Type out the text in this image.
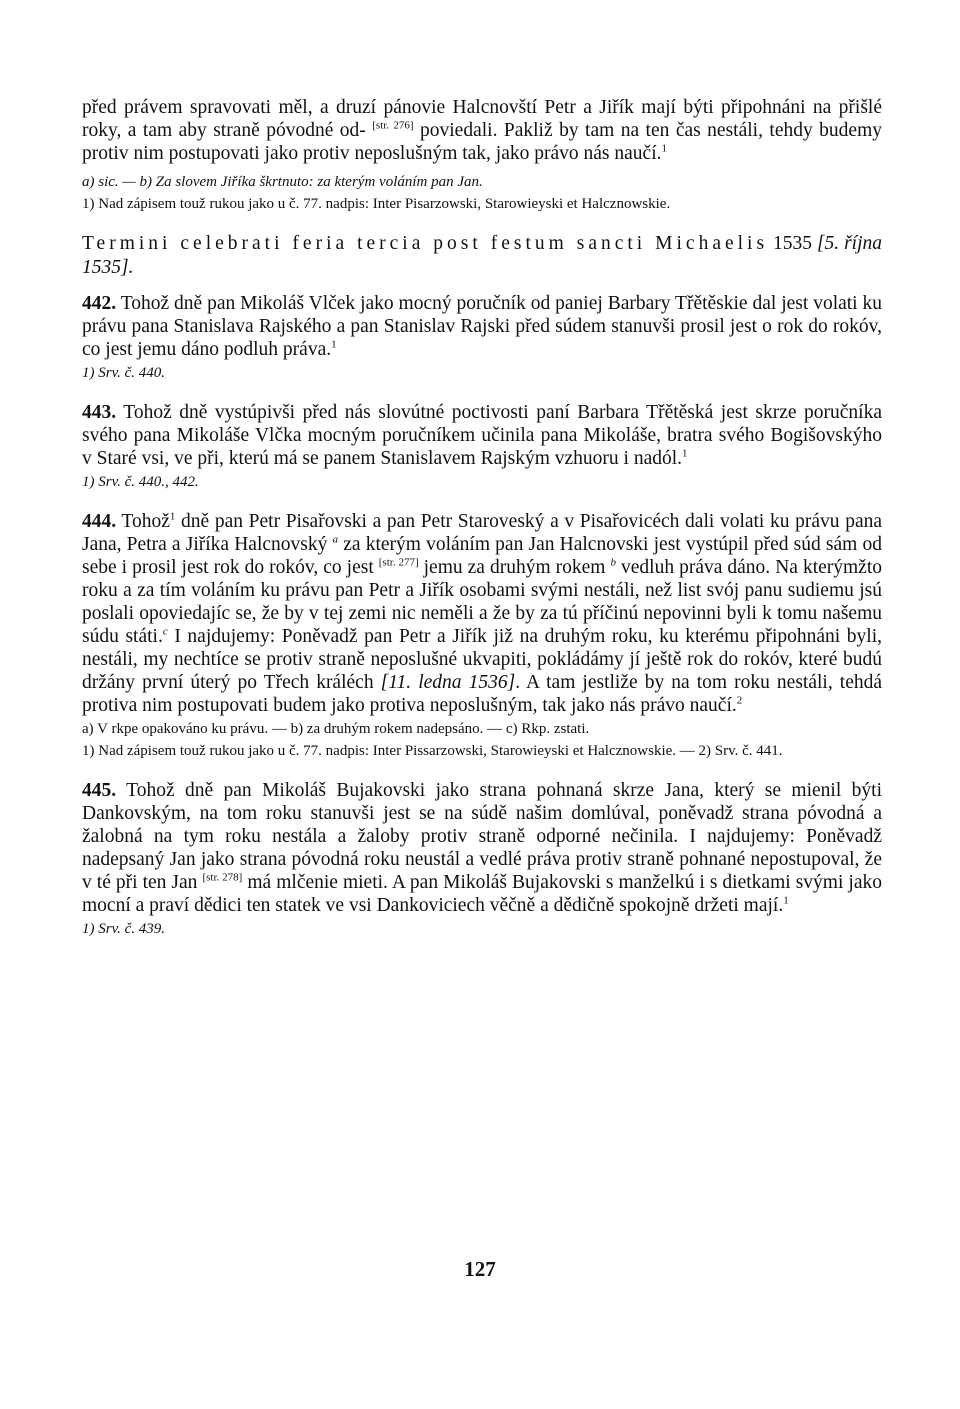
před právem spravovati měl, a druzí pánovie Halcnovští Petr a Jiřík mají býti připohnáni na přišlé roky, a tam aby straně póvodné od- [str. 276] poviedali. Pakliž by tam na ten čas nestáli, tehdy budemy protiv nim postupovati jako protiv neposlušným tak, jako právo nás naučí.$^1$

a) sic. — b) Za slovem Jiříka škrtnuto: za kterým voláním pan Jan.

1) Nad zápisem touž rukou jako u č. 77. nadpis: Inter Pisarzowski, Starowieyski et Halcznowskie.

Termini celebrati feria tercia post festum sancti Michaelis 1535 [5. října 1535].

442. Tohož dně pan Mikoláš Vlček jako mocný poručník od paniej Barbary Třětěskie dal jest volati ku právu pana Stanislava Rajského a pan Stanislav Rajski před súdem stanuvši prosil jest o rok do rokóv, co jest jemu dáno podluh práva.$^1$

1) Srv. č. 440.

443. Tohož dně vystúpivši před nás slovútné poctivosti paní Barbara Třětěská jest skrze poručníka svého pana Mikoláše Vlčka mocným poručníkem učinila pana Mikoláše, bratra svého Bogišovskýho v Staré vsi, ve při, kterú má se panem Stanislavem Rajským vzhuoru i nadól.$^1$

1) Srv. č. 440., 442.

444. Tohož$^1$ dně pan Petr Pisařovski a pan Petr Staroveský a v Pisařovicéch dali volati ku právu pana Jana, Petra a Jiříka Halcnovský $^a$ za kterým voláním pan Jan Halcnovski jest vystúpil před súd sám od sebe i prosil jest rok do rokóv, co jest [str. 277] jemu za druhým rokem $^b$ vedluh práva dáno. Na kterýmžto roku a za tím voláním ku právu pan Petr a Jiřík osobami svými nestáli, než list svój panu sudiemu jsú poslali opoviedajíc se, že by v tej zemi nic neměli a že by za tú příčinú nepovinni byli k tomu našemu súdu státi.$^c$ I najdujemy: Poněvadž pan Petr a Jiřík již na druhým roku, ku kterému připohnáni byli, nestáli, my nechtíce se protiv straně neposlušné ukvapiti, pokládámy jí ještě rok do rokóv, které budú držány první úterý po Třech králéch [11. ledna 1536]. A tam jestliže by na tom roku nestáli, tehdá protiva nim postupovati budem jako protiva neposlušným, tak jako nás právo naučí.$^2$

a) V rkpe opakováno ku právu. — b) za druhým rokem nadepsáno. — c) Rkp. zstati.

1) Nad zápisem touž rukou jako u č. 77. nadpis: Inter Pissarzowski, Starowieyski et Halcznowskie. — 2) Srv. č. 441.

445. Tohož dně pan Mikoláš Bujakovski jako strana pohnaná skrze Jana, který se mienil býti Dankovským, na tom roku stanuvši jest se na súdě našim domlúval, poněvadž strana póvodná a žalobná na tym roku nestála a žaloby protiv straně odporné nečinila. I najdujemy: Poněvadž nadepsaný Jan jako strana póvodná roku neustál a vedlé práva protiv straně pohnané nepostupoval, že v té při ten Jan [str. 278] má mlčenie mieti. A pan Mikoláš Bujakovski s manželkú i s dietkami svými jako mocní a praví dědici ten statek ve vsi Dankoviciech věčně a dědičně spokojně držeti mají.$^1$

1) Srv. č. 439.

127
